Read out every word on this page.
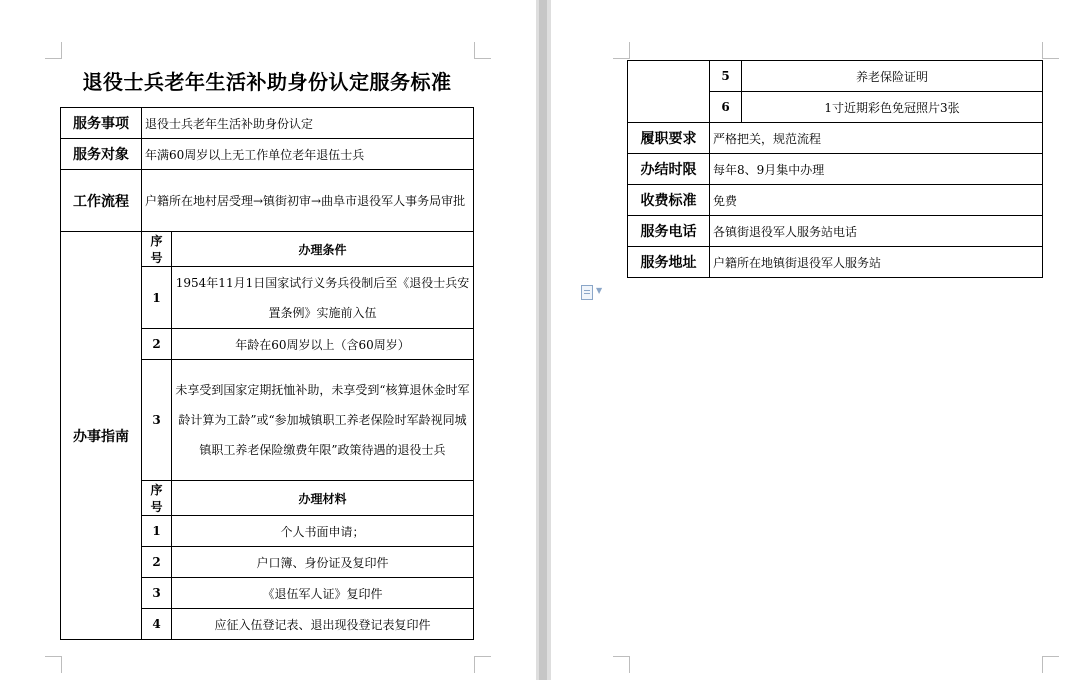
退役士兵老年生活补助身份认定服务标准
服务事项	退役士兵老年生活补助身份认定	
服务对象	年满60周岁以上无工作单位老年退伍士兵	
工作流程	户籍所在地村居受理→镇街初审→曲阜市退役军人事务局审批	
办事指南	序号	办理条件
	1	1954年11月1日国家试行义务兵役制后至《退役士兵安置条例》实施前入伍
	2	年龄在60周岁以上（含60周岁）
	3	未享受到国家定期抚恤补助，未享受到“核算退休金时军龄计算为工龄”或“参加城镇职工养老保险时军龄视同城镇职工养老保险缴费年限”政策待遇的退役士兵
	序号	办理材料
	1	个人书面申请；
	2	户口簿、身份证及复印件
	3	《退伍军人证》复印件
	4	应征入伍登记表、退出现役登记表复印件
	5	养老保险证明
	6	1寸近期彩色免冠照片3张
履职要求	严格把关，规范流程	
办结时限	每年8、9月集中办理	
收费标准	免费	
服务电话	各镇街退役军人服务站电话	
服务地址	户籍所在地镇街退役军人服务站	
▼
